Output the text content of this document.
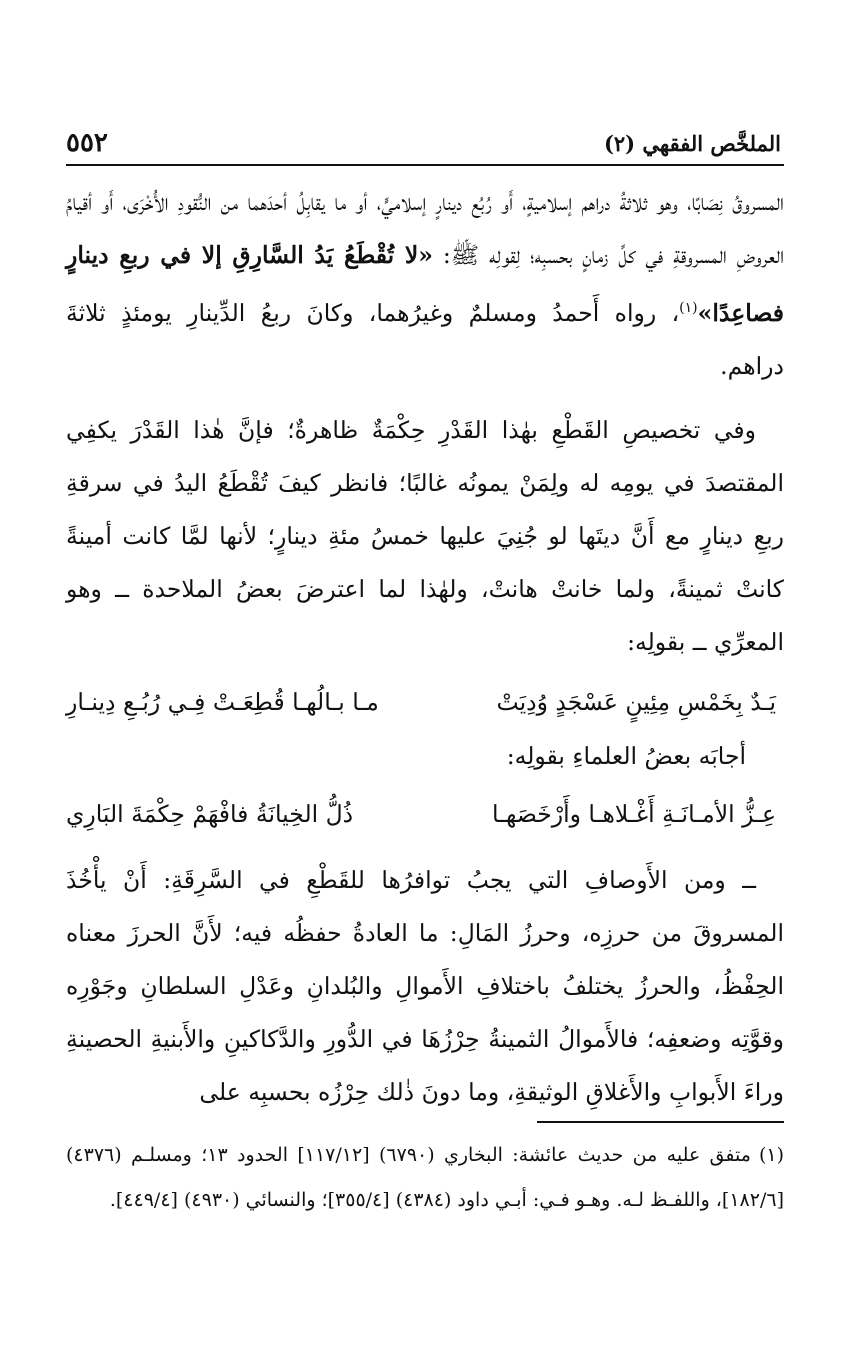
الملخَّص الفقهي (٢)
٥٥٢

المسروقُ نِصَابًا، وهو ثلاثةُ دراهم إسلاميةٍ، أَو رُبُع دينارٍ إسلاميٍّ، أو ما يقابِلُ أحدَهما من النُّقودِ الأُخْرَى، أَو أقيامُ العروضِ المسروقةِ في كلِّ زمانٍ بحسبِه؛ لِقولِه ﷺ: «لا تُقْطَعُ يَدُ السَّارِقِ إلا في ربعِ دينارٍ فصاعِدًا»$^{(١)}$، رواه أَحمدُ ومسلمٌ وغيرُهما، وكانَ ربعُ الدِّينارِ يومئذٍ ثلاثةَ دراهم.

وفي تخصيصِ القَطْعِ بهٰذا القَدْرِ حِكْمَةٌ ظاهرةٌ؛ فإنَّ هٰذا القَدْرَ يكفِي المقتصدَ في يومِه له ولِمَنْ يمونُه غالبًا؛ فانظر كيفَ تُقْطَعُ اليدُ في سرقةِ ربعِ دينارٍ مع أَنَّ ديتَها لو جُنِيَ عليها خمسُ مئةِ دينارٍ؛ لأنها لمَّا كانت أمينةً كانتْ ثمينةً، ولما خانتْ هانتْ، ولهٰذا لما اعترضَ بعضُ الملاحدة ــ وهو المعرِّي ــ بقولِه:

يَـدٌ بِخَمْسِ مِئِينٍ عَسْجَدٍ وُدِيَتْ
مـا بـالُهـا قُطِعَـتْ فِـي رُبُـعِ دِينـارِ

أجابَه بعضُ العلماءِ بقولِه:

عِـزُّ الأمـانَـةِ أَغْـلاهـا وأَرْخَصَهـا
ذُلُّ الخِيانَةُ فافْهَمْ حِكْمَةَ البَارِي

ــ ومن الأَوصافِ التي يجبُ توافرُها للقَطْعِ في السَّرِقَةِ: أَنْ يأْخُذَ المسروقَ من حرزِه، وحرزُ المَالِ: ما العادةُ حفظُه فيه؛ لأَنَّ الحرزَ معناه الحِفْظُ، والحرزُ يختلفُ باختلافِ الأَموالِ والبُلدانِ وعَدْلِ السلطانِ وجَوْرِه وقوَّتِه وضعفِه؛ فالأَموالُ الثمينةُ حِرْزُهَا في الدُّورِ والدَّكاكينِ والأَبنيةِ الحصينةِ وراءَ الأَبوابِ والأَغلاقِ الوثيقةِ، وما دونَ ذٰلك حِرْزُه بحسبِه على

(١)متفق عليه من حديث عائشة: البخاري (٦٧٩٠) [١١٧/١٢] الحدود ١٣؛ ومسلـم (٤٣٧٦) [١٨٢/٦]، واللفـظ لـه. وهـو فـي: أبـي داود (٤٣٨٤) [٣٥٥/٤]؛ والنسائي (٤٩٣٠) [٤٤٩/٤].
